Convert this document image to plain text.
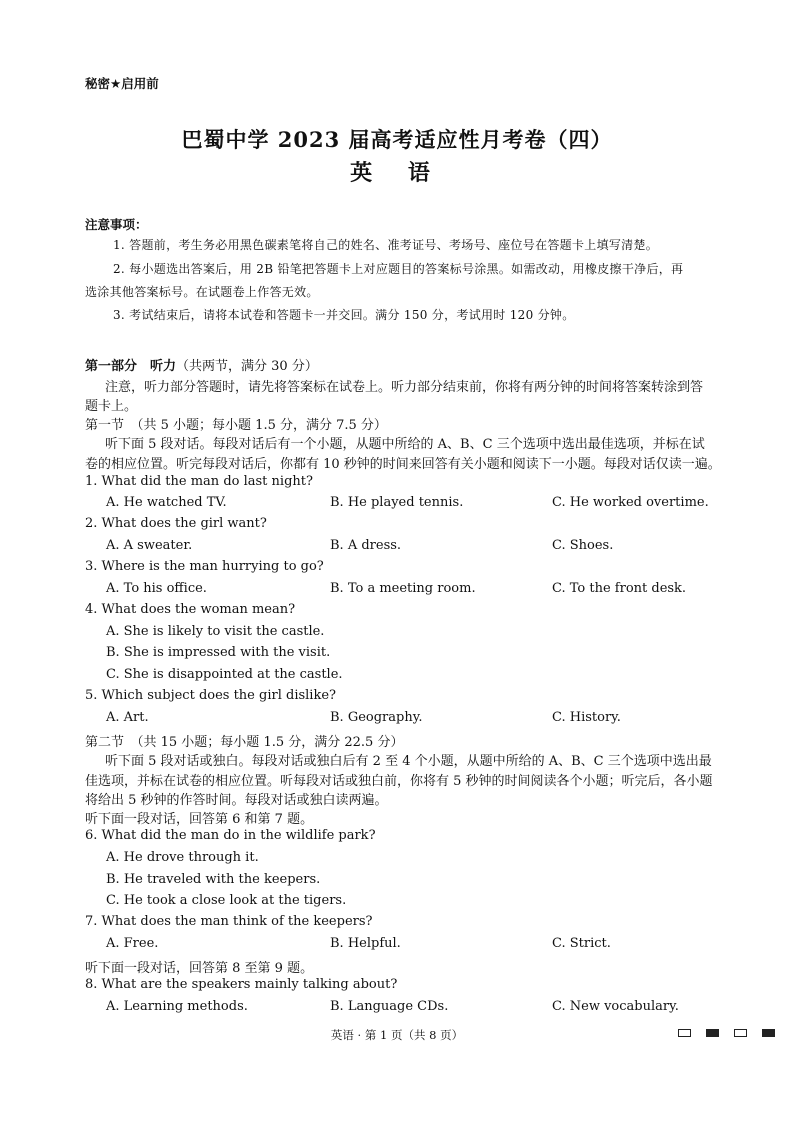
秘密★启用前
巴蜀中学 2023 届高考适应性月考卷（四）
英 语
注意事项：
1. 答题前，考生务必用黑色碳素笔将自己的姓名、准考证号、考场号、座位号在答题卡上填写清楚。
2. 每小题选出答案后，用 2B 铅笔把答题卡上对应题目的答案标号涂黑。如需改动，用橡皮擦干净后，再
选涂其他答案标号。在试题卷上作答无效。
3. 考试结束后，请将本试卷和答题卡一并交回。满分 150 分，考试用时 120 分钟。
第一部分　听力（共两节，满分 30 分）
注意，听力部分答题时，请先将答案标在试卷上。听力部分结束前，你将有两分钟的时间将答案转涂到答
题卡上。
第一节　（共 5 小题；每小题 1.5 分，满分 7.5 分）
听下面 5 段对话。每段对话后有一个小题，从题中所给的 A、B、C 三个选项中选出最佳选项，并标在试
卷的相应位置。听完每段对话后，你都有 10 秒钟的时间来回答有关小题和阅读下一小题。每段对话仅读一遍。
1. What did the man do last night?
A. He watched TV.	B. He played tennis.	C. He worked overtime.
2. What does the girl want?
A. A sweater.	B. A dress.	C. Shoes.
3. Where is the man hurrying to go?
A. To his office.	B. To a meeting room.	C. To the front desk.
4. What does the woman mean?
A. She is likely to visit the castle.
B. She is impressed with the visit.
C. She is disappointed at the castle.
5. Which subject does the girl dislike?
A. Art.	B. Geography.	C. History.
第二节　（共 15 小题；每小题 1.5 分，满分 22.5 分）
听下面 5 段对话或独白。每段对话或独白后有 2 至 4 个小题，从题中所给的 A、B、C 三个选项中选出最
佳选项，并标在试卷的相应位置。听每段对话或独白前，你将有 5 秒钟的时间阅读各个小题；听完后，各小题
将给出 5 秒钟的作答时间。每段对话或独白读两遍。
听下面一段对话，回答第 6 和第 7 题。
6. What did the man do in the wildlife park?
A. He drove through it.
B. He traveled with the keepers.
C. He took a close look at the tigers.
7. What does the man think of the keepers?
A. Free.	B. Helpful.	C. Strict.
听下面一段对话，回答第 8 至第 9 题。
8. What are the speakers mainly talking about?
A. Learning methods.	B. Language CDs.	C. New vocabulary.
英语 · 第 1 页（共 8 页）
